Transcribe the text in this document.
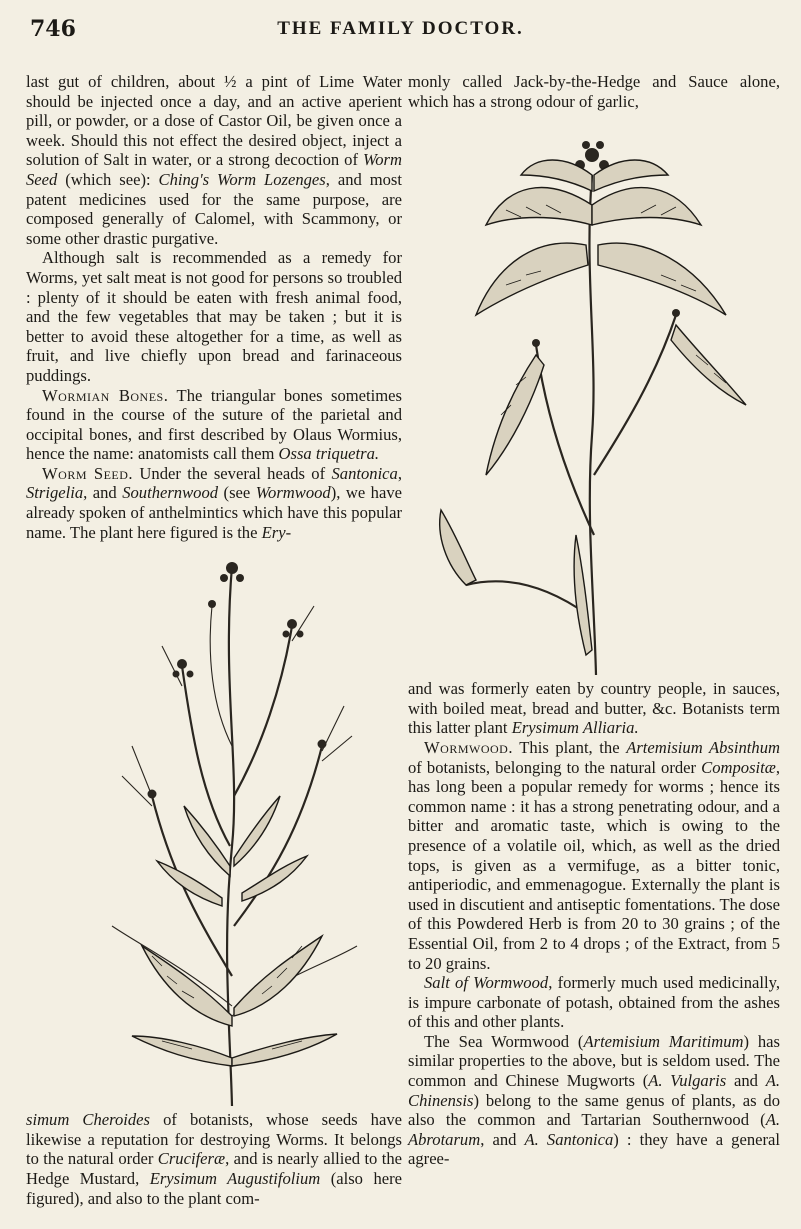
746	THE FAMILY DOCTOR.

last gut of children, about ½ a pint of Lime Water should be injected once a day, and an active aperient pill, or powder, or a dose of Castor Oil, be given once a week. Should this not effect the desired object, inject a solution of Salt in water, or a strong decoction of Worm Seed (which see): Ching's Worm Lozenges, and most patent medicines used for the same purpose, are composed generally of Calomel, with Scammony, or some other drastic purgative.

Although salt is recommended as a remedy for Worms, yet salt meat is not good for persons so troubled : plenty of it should be eaten with fresh animal food, and the few vegetables that may be taken ; but it is better to avoid these altogether for a time, as well as fruit, and live chiefly upon bread and farinaceous puddings.

Wormian Bones. The triangular bones sometimes found in the course of the suture of the parietal and occipital bones, and first described by Olaus Wormius, hence the name: anatomists call them Ossa triquetra.

Worm Seed. Under the several heads of Santonica, Strigelia, and Southernwood (see Wormwood), we have already spoken of anthelmintics which have this popular name. The plant here figured is the Ery-

simum Cheroides of botanists, whose seeds have likewise a reputation for destroying Worms. It belongs to the natural order Cruciferæ, and is nearly allied to the Hedge Mustard, Erysimum Augustifolium (also here figured), and also to the plant com-

monly called Jack-by-the-Hedge and Sauce alone, which has a strong odour of garlic,

and was formerly eaten by country people, in sauces, with boiled meat, bread and butter, &c. Botanists term this latter plant Erysimum Alliaria.

Wormwood. This plant, the Artemisium Absinthum of botanists, belonging to the natural order Compositæ, has long been a popular remedy for worms ; hence its common name : it has a strong penetrating odour, and a bitter and aromatic taste, which is owing to the presence of a volatile oil, which, as well as the dried tops, is given as a vermifuge, as a bitter tonic, antiperiodic, and emmenagogue. Externally the plant is used in discutient and antiseptic fomentations. The dose of this Powdered Herb is from 20 to 30 grains ; of the Essential Oil, from 2 to 4 drops ; of the Extract, from 5 to 20 grains.

Salt of Wormwood, formerly much used medicinally, is impure carbonate of potash, obtained from the ashes of this and other plants.

The Sea Wormwood (Artemisium Maritimum) has similar properties to the above, but is seldom used. The common and Chinese Mugworts (A. Vulgaris and A. Chinensis) belong to the same genus of plants, as do also the common and Tartarian Southernwood (A. Abrotarum, and A. Santonica) : they have a general agree-
